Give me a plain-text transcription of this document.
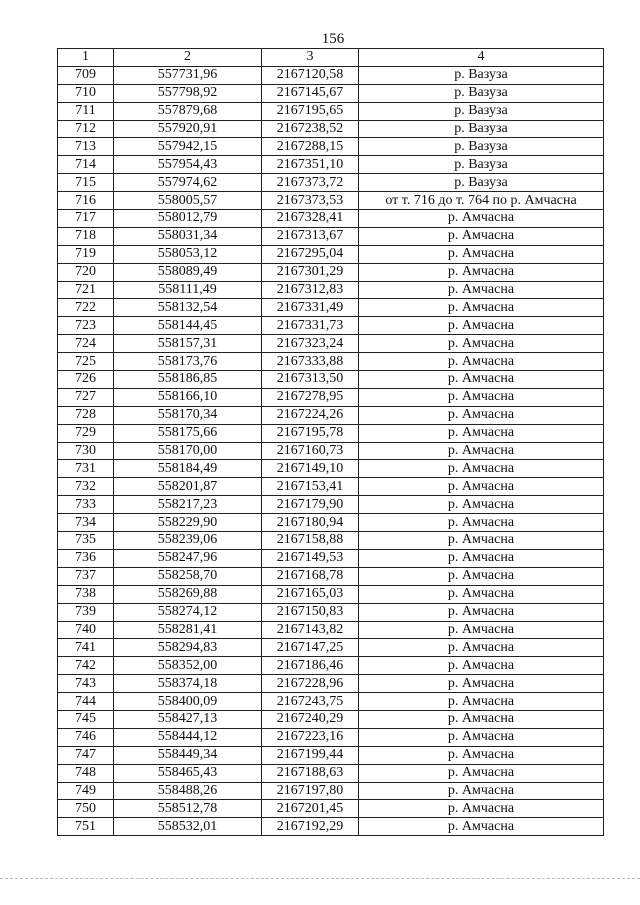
156
1	2	3	4
709	557731,96	2167120,58	р. Вазуза
710	557798,92	2167145,67	р. Вазуза
711	557879,68	2167195,65	р. Вазуза
712	557920,91	2167238,52	р. Вазуза
713	557942,15	2167288,15	р. Вазуза
714	557954,43	2167351,10	р. Вазуза
715	557974,62	2167373,72	р. Вазуза
716	558005,57	2167373,53	от т. 716 до т. 764 по р. Амчасна
717	558012,79	2167328,41	р. Амчасна
718	558031,34	2167313,67	р. Амчасна
719	558053,12	2167295,04	р. Амчасна
720	558089,49	2167301,29	р. Амчасна
721	558111,49	2167312,83	р. Амчасна
722	558132,54	2167331,49	р. Амчасна
723	558144,45	2167331,73	р. Амчасна
724	558157,31	2167323,24	р. Амчасна
725	558173,76	2167333,88	р. Амчасна
726	558186,85	2167313,50	р. Амчасна
727	558166,10	2167278,95	р. Амчасна
728	558170,34	2167224,26	р. Амчасна
729	558175,66	2167195,78	р. Амчасна
730	558170,00	2167160,73	р. Амчасна
731	558184,49	2167149,10	р. Амчасна
732	558201,87	2167153,41	р. Амчасна
733	558217,23	2167179,90	р. Амчасна
734	558229,90	2167180,94	р. Амчасна
735	558239,06	2167158,88	р. Амчасна
736	558247,96	2167149,53	р. Амчасна
737	558258,70	2167168,78	р. Амчасна
738	558269,88	2167165,03	р. Амчасна
739	558274,12	2167150,83	р. Амчасна
740	558281,41	2167143,82	р. Амчасна
741	558294,83	2167147,25	р. Амчасна
742	558352,00	2167186,46	р. Амчасна
743	558374,18	2167228,96	р. Амчасна
744	558400,09	2167243,75	р. Амчасна
745	558427,13	2167240,29	р. Амчасна
746	558444,12	2167223,16	р. Амчасна
747	558449,34	2167199,44	р. Амчасна
748	558465,43	2167188,63	р. Амчасна
749	558488,26	2167197,80	р. Амчасна
750	558512,78	2167201,45	р. Амчасна
751	558532,01	2167192,29	р. Амчасна
